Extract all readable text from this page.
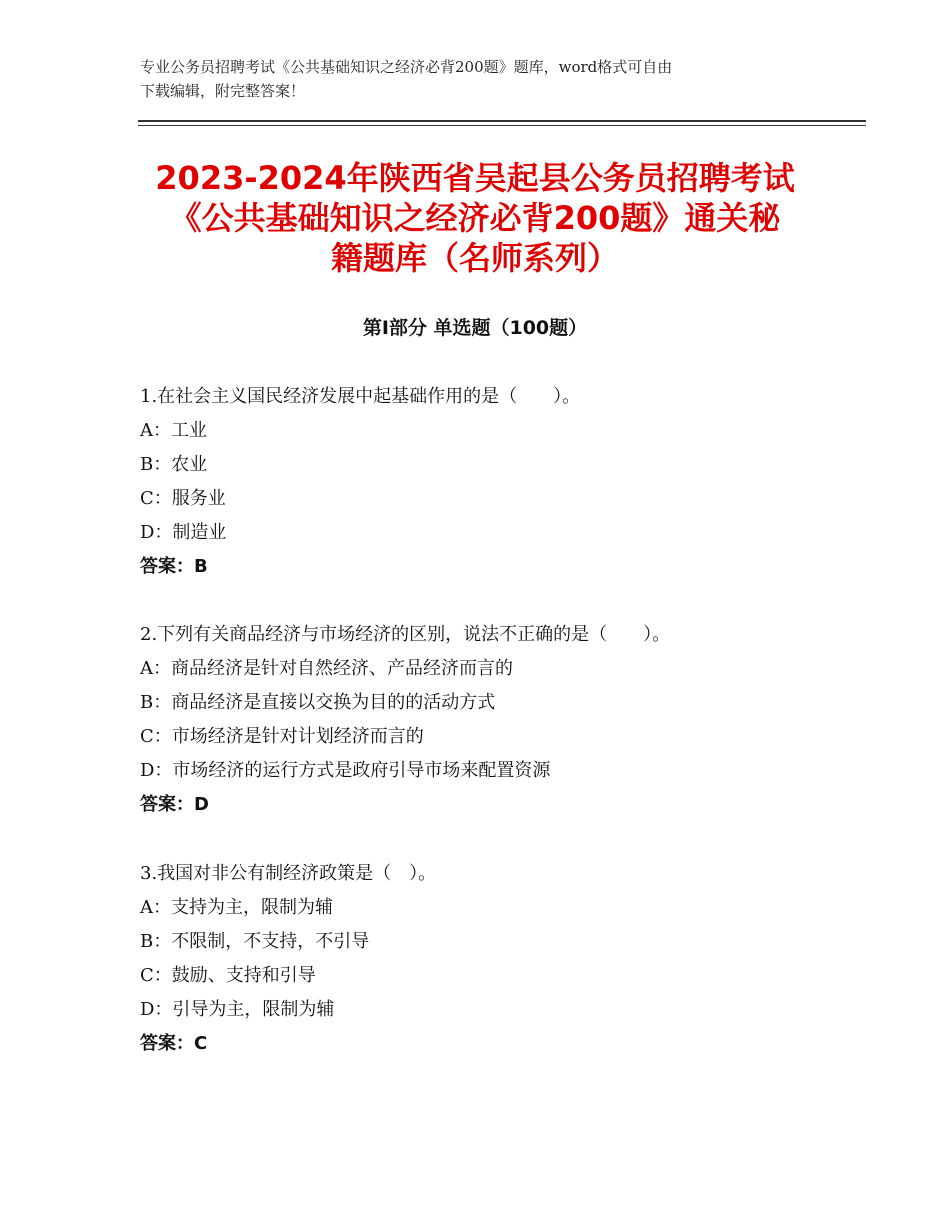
专业公务员招聘考试《公共基础知识之经济必背200题》题库，word格式可自由
下载编辑，附完整答案！
2023-2024年陕西省吴起县公务员招聘考试
《公共基础知识之经济必背200题》通关秘
籍题库（名师系列）
第Ⅰ部分 单选题（100题）
1.在社会主义国民经济发展中起基础作用的是（　　）。
A：工业
B：农业
C：服务业
D：制造业
答案：B
2.下列有关商品经济与市场经济的区别，说法不正确的是（　　）。
A：商品经济是针对自然经济、产品经济而言的
B：商品经济是直接以交换为目的的活动方式
C：市场经济是针对计划经济而言的
D：市场经济的运行方式是政府引导市场来配置资源
答案：D
3.我国对非公有制经济政策是（　）。
A：支持为主，限制为辅
B：不限制，不支持，不引导
C：鼓励、支持和引导
D：引导为主，限制为辅
答案：C
